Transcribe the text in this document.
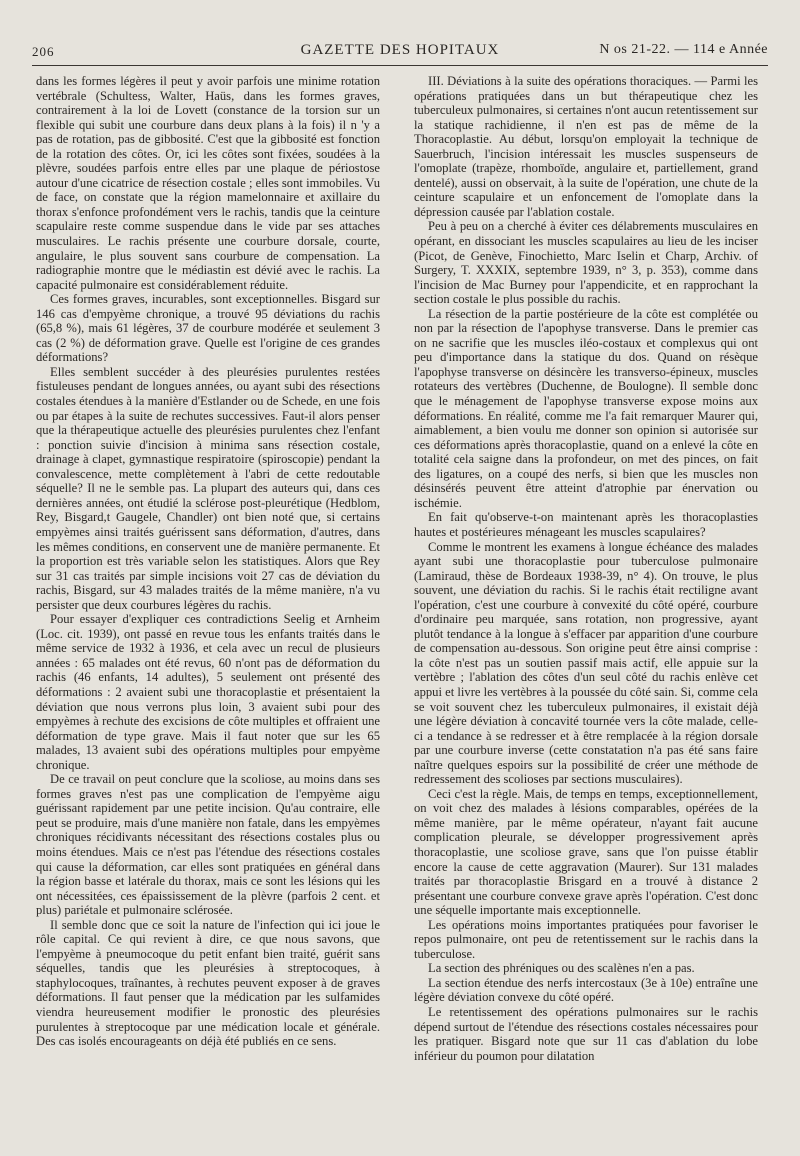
206	GAZETTE DES HOPITAUX	N os 21-22. — 114 e Année

dans les formes légères il peut y avoir parfois une minime rotation vertébrale (Schultess, Walter, Haüs, dans les formes graves, contrairement à la loi de Lovett (constance de la torsion sur un flexible qui subit une courbure dans deux plans à la fois) il n 'y a pas de rotation, pas de gibbosité. C'est que la gibbosité est fonction de la rotation des côtes. Or, ici les côtes sont fixées, soudées à la plèvre, soudées parfois entre elles par une plaque de périostose autour d'une cicatrice de résection costale ; elles sont immobiles. Vu de face, on constate que la région mamelonnaire et axillaire du thorax s'enfonce profondément vers le rachis, tandis que la ceinture scapulaire reste comme suspendue dans le vide par ses attaches musculaires. Le rachis présente une courbure dorsale, courte, angulaire, le plus souvent sans courbure de compensation. La radiographie montre que le médiastin est dévié avec le rachis. La capacité pulmonaire est considérablement réduite.

Ces formes graves, incurables, sont exceptionnelles. Bisgard sur 146 cas d'empyème chronique, a trouvé 95 déviations du rachis (65,8 %), mais 61 légères, 37 de courbure modérée et seulement 3 cas (2 %) de déformation grave. Quelle est l'origine de ces grandes déformations?

Elles semblent succéder à des pleurésies purulentes restées fistuleuses pendant de longues années, ou ayant subi des résections costales étendues à la manière d'Estlander ou de Schede, en une fois ou par étapes à la suite de rechutes successives. Faut-il alors penser que la thérapeutique actuelle des pleurésies purulentes chez l'enfant : ponction suivie d'incision à minima sans résection costale, drainage à clapet, gymnastique respiratoire (spiroscopie) pendant la convalescence, mette complètement à l'abri de cette redoutable séquelle? Il ne le semble pas. La plupart des auteurs qui, dans ces dernières années, ont étudié la sclérose post-pleurétique (Hedblom, Rey, Bisgard,t Gaugele, Chandler) ont bien noté que, si certains empyèmes ainsi traités guérissent sans déformation, d'autres, dans les mêmes conditions, en conservent une de manière permanente. Et la proportion est très variable selon les statistiques. Alors que Rey sur 31 cas traités par simple incisions voit 27 cas de déviation du rachis, Bisgard, sur 43 malades traités de la même manière, n'a vu persister que deux courbures légères du rachis.

Pour essayer d'expliquer ces contradictions Seelig et Arnheim (Loc. cit. 1939), ont passé en revue tous les enfants traités dans le même service de 1932 à 1936, et cela avec un recul de plusieurs années : 65 malades ont été revus, 60 n'ont pas de déformation du rachis (46 enfants, 14 adultes), 5 seulement ont présenté des déformations : 2 avaient subi une thoracoplastie et présentaient la déviation que nous verrons plus loin, 3 avaient subi pour des empyèmes à rechute des excisions de côte multiples et offraient une déformation de type grave. Mais il faut noter que sur les 65 malades, 13 avaient subi des opérations multiples pour empyème chronique.

De ce travail on peut conclure que la scoliose, au moins dans ses formes graves n'est pas une complication de l'empyème aigu guérissant rapidement par une petite incision. Qu'au contraire, elle peut se produire, mais d'une manière non fatale, dans les empyèmes chroniques récidivants nécessitant des résections costales plus ou moins étendues. Mais ce n'est pas l'étendue des résections costales qui cause la déformation, car elles sont pratiquées en général dans la région basse et latérale du thorax, mais ce sont les lésions qui les ont nécessitées, ces épaississement de la plèvre (parfois 2 cent. et plus) pariétale et pulmonaire sclérosée.

Il semble donc que ce soit la nature de l'infection qui ici joue le rôle capital. Ce qui revient à dire, ce que nous savons, que l'empyème à pneumocoque du petit enfant bien traité, guérit sans séquelles, tandis que les pleurésies à streptocoques, à staphylocoques, traînantes, à rechutes peuvent exposer à de graves déformations. Il faut penser que la médication par les sulfamides viendra heureusement modifier le pronostic des pleurésies purulentes à streptocoque par une médication locale et générale. Des cas isolés encourageants on déjà été publiés en ce sens.

III. Déviations à la suite des opérations thoraciques. — Parmi les opérations pratiquées dans un but thérapeutique chez les tuberculeux pulmonaires, si certaines n'ont aucun retentissement sur la statique rachidienne, il n'en est pas de même de la Thoracoplastie. Au début, lorsqu'on employait la technique de Sauerbruch, l'incision intéressait les muscles suspenseurs de l'omoplate (trapèze, rhomboïde, angulaire et, partiellement, grand dentelé), aussi on observait, à la suite de l'opération, une chute de la ceinture scapulaire et un enfoncement de l'omoplate dans la dépression causée par l'ablation costale.

Peu à peu on a cherché à éviter ces délabrements musculaires en opérant, en dissociant les muscles scapulaires au lieu de les inciser (Picot, de Genève, Finochietto, Marc Iselin et Charp, Archiv. of Surgery, T. XXXIX, septembre 1939, n° 3, p. 353), comme dans l'incision de Mac Burney pour l'appendicite, et en rapprochant la section costale le plus possible du rachis.

La résection de la partie postérieure de la côte est complétée ou non par la résection de l'apophyse transverse. Dans le premier cas on ne sacrifie que les muscles iléo-costaux et complexus qui ont peu d'importance dans la statique du dos. Quand on résèque l'apophyse transverse on désincère les transverso-épineux, muscles rotateurs des vertèbres (Duchenne, de Boulogne). Il semble donc que le ménagement de l'apophyse transverse expose moins aux déformations. En réalité, comme me l'a fait remarquer Maurer qui, aimablement, a bien voulu me donner son opinion si autorisée sur ces déformations après thoracoplastie, quand on a enlevé la côte en totalité cela saigne dans la profondeur, on met des pinces, on fait des ligatures, on a coupé des nerfs, si bien que les muscles non désinsérés peuvent être atteint d'atrophie par énervation ou ischémie.

En fait qu'observe-t-on maintenant après les thoracoplasties hautes et postérieures ménageant les muscles scapulaires?

Comme le montrent les examens à longue échéance des malades ayant subi une thoracoplastie pour tuberculose pulmonaire (Lamiraud, thèse de Bordeaux 1938-39, n° 4). On trouve, le plus souvent, une déviation du rachis. Si le rachis était rectiligne avant l'opération, c'est une courbure à convexité du côté opéré, courbure d'ordinaire peu marquée, sans rotation, non progressive, ayant plutôt tendance à la longue à s'effacer par apparition d'une courbure de compensation au-dessous. Son origine peut être ainsi comprise : la côte n'est pas un soutien passif mais actif, elle appuie sur la vertèbre ; l'ablation des côtes d'un seul côté du rachis enlève cet appui et livre les vertèbres à la poussée du côté sain. Si, comme cela se voit souvent chez les tuberculeux pulmonaires, il existait déjà une légère déviation à concavité tournée vers la côte malade, celle-ci a tendance à se redresser et à être remplacée à la région dorsale par une courbure inverse (cette constatation n'a pas été sans faire naître quelques espoirs sur la possibilité de créer une méthode de redressement des scolioses par sections musculaires).

Ceci c'est la règle. Mais, de temps en temps, exceptionnellement, on voit chez des malades à lésions comparables, opérées de la même manière, par le même opérateur, n'ayant fait aucune complication pleurale, se développer progressivement après thoracoplastie, une scoliose grave, sans que l'on puisse établir encore la cause de cette aggravation (Maurer). Sur 131 malades traités par thoracoplastie Brisgard en a trouvé à distance 2 présentant une courbure convexe grave après l'opération. C'est donc une séquelle importante mais exceptionnelle.

Les opérations moins importantes pratiquées pour favoriser le repos pulmonaire, ont peu de retentissement sur le rachis dans la tuberculose.

La section des phréniques ou des scalènes n'en a pas.

La section étendue des nerfs intercostaux (3e à 10e) entraîne une légère déviation convexe du côté opéré.

Le retentissement des opérations pulmonaires sur le rachis dépend surtout de l'étendue des résections costales nécessaires pour les pratiquer. Bisgard note que sur 11 cas d'ablation du lobe inférieur du poumon pour dilatation
